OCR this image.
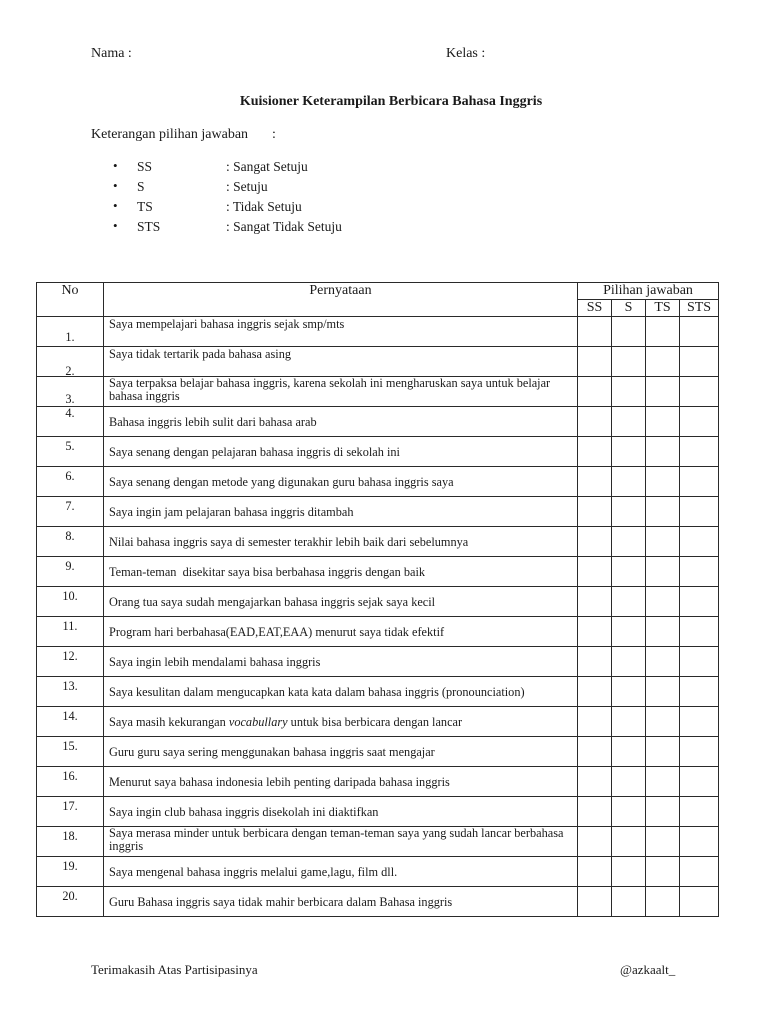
Nama :	Kelas :
Kuisioner Keterampilan Berbicara Bahasa Inggris
Keterangan pilihan jawaban :
• SS	: Sangat Setuju
• S	: Setuju
• TS	: Tidak Setuju
• STS	: Sangat Tidak Setuju
No	Pernyataan	Pilihan jawaban			
		SS	S	TS	STS

1.	Saya mempelajari bahasa inggris sejak smp/mts				

2.	Saya tidak tertarik pada bahasa asing				

3.	Saya terpaksa belajar bahasa inggris, karena sekolah ini mengharuskan saya untuk belajar bahasa inggris				

4.	Bahasa inggris lebih sulit dari bahasa arab				

5.	Saya senang dengan pelajaran bahasa inggris di sekolah ini				

6.	Saya senang dengan metode yang digunakan guru bahasa inggris saya				

7.	Saya ingin jam pelajaran bahasa inggris ditambah				

8.	Nilai bahasa inggris saya di semester terakhir lebih baik dari sebelumnya				

9.	Teman-teman  disekitar saya bisa berbahasa inggris dengan baik				

10.	Orang tua saya sudah mengajarkan bahasa inggris sejak saya kecil				

11.	Program hari berbahasa(EAD,EAT,EAA) menurut saya tidak efektif				

12.	Saya ingin lebih mendalami bahasa inggris				

13.	Saya kesulitan dalam mengucapkan kata kata dalam bahasa inggris (pronounciation)				

14.	Saya masih kekurangan vocabullary untuk bisa berbicara dengan lancar				

15.	Guru guru saya sering menggunakan bahasa inggris saat mengajar				

16.	Menurut saya bahasa indonesia lebih penting daripada bahasa inggris				

17.	Saya ingin club bahasa inggris disekolah ini diaktifkan				

18.	Saya merasa minder untuk berbicara dengan teman-teman saya yang sudah lancar berbahasa inggris				

19.	Saya mengenal bahasa inggris melalui game,lagu, film dll.				

20.	Guru Bahasa inggris saya tidak mahir berbicara dalam Bahasa inggris				

Terimakasih Atas Partisipasinya	@azkaalt_
